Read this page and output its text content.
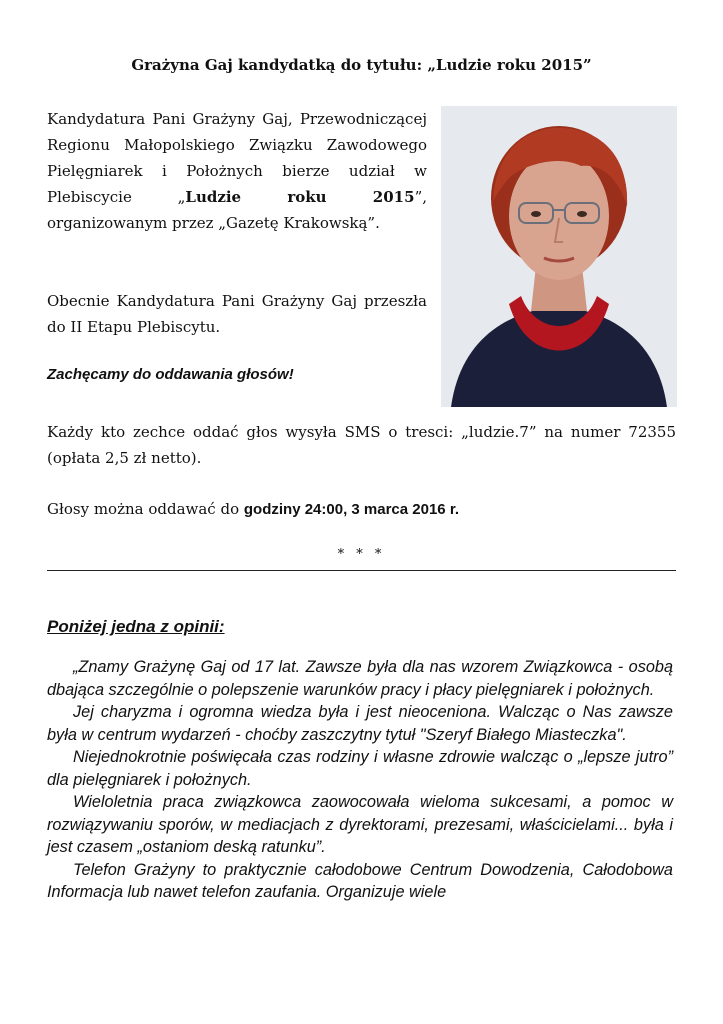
Grażyna Gaj kandydatką do tytułu: „Ludzie roku 2015”

Kandydatura Pani Grażyny Gaj, Przewodniczącej Regionu Małopolskiego Związku Zawodowego Pielęgniarek i Położnych bierze udział w Plebiscycie „Ludzie roku 2015”, organizowanym przez „Gazetę Krakowską”.

Obecnie Kandydatura Pani Grażyny Gaj przeszła do II Etapu Plebiscytu.

Zachęcamy do oddawania głosów!

Każdy kto zechce oddać głos wysyła SMS o tresci: „ludzie.7” na numer 72355 (opłata 2,5 zł netto).

Głosy można oddawać do godziny 24:00, 3 marca 2016 r.

* * *

Poniżej jedna z opinii:

„Znamy Grażynę Gaj od 17 lat. Zawsze była dla nas wzorem Związkowca - osobą dbająca szczególnie o polepszenie warunków pracy i płacy pielęgniarek i położnych.

Jej charyzma i ogromna wiedza była i jest nieoceniona. Walcząc o Nas zawsze była w centrum wydarzeń - choćby zaszczytny tytuł "Szeryf Białego Miasteczka".

Niejednokrotnie poświęcała czas rodziny i własne zdrowie walcząc o „lepsze jutro” dla pielęgniarek i położnych.

Wieloletnia praca związkowca zaowocowała wieloma sukcesami, a pomoc w rozwiązywaniu sporów, w mediacjach z dyrektorami, prezesami, właścicielami... była i jest czasem „ostaniom deską ratunku”.

Telefon Grażyny to praktycznie całodobowe Centrum Dowodzenia, Całodobowa Informacja lub nawet telefon zaufania. Organizuje wiele
